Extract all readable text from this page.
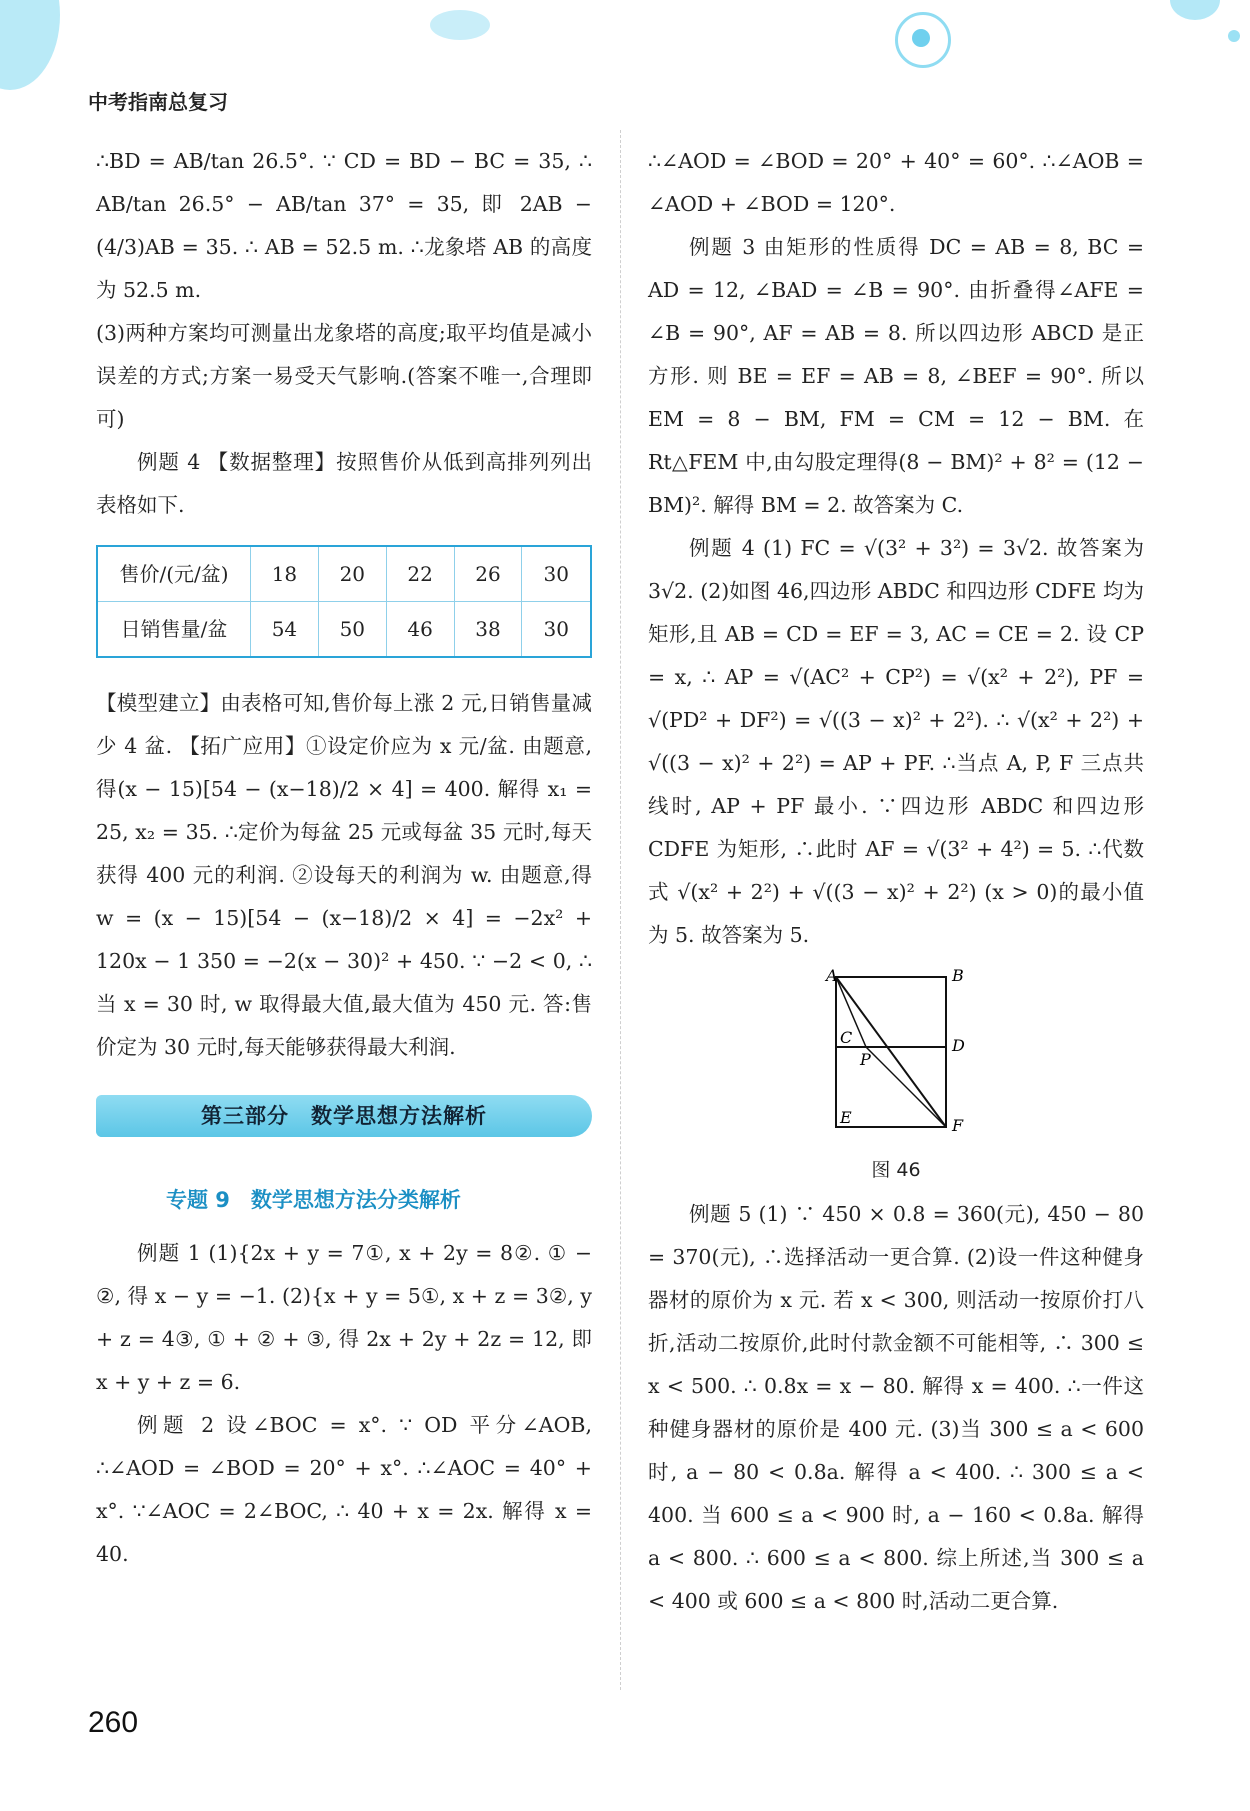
中考指南总复习

∴BD = AB/tan 26.5°. ∵ CD = BD − BC = 35, ∴ AB/tan 26.5° − AB/tan 37° = 35, 即 2AB − (4/3)AB = 35. ∴ AB = 52.5 m. ∴龙象塔 AB 的高度为 52.5 m.

(3)两种方案均可测量出龙象塔的高度;取平均值是减小误差的方式;方案一易受天气影响.(答案不唯一,合理即可)

例题 4 【数据整理】按照售价从低到高排列列出表格如下.

售价/(元/盆)	18	20	22	26	30
日销售量/盆	54	50	46	38	30

【模型建立】由表格可知,售价每上涨 2 元,日销售量减少 4 盆. 【拓广应用】①设定价应为 x 元/盆. 由题意,得(x − 15)[54 − (x−18)/2 × 4] = 400. 解得 x₁ = 25, x₂ = 35. ∴定价为每盆 25 元或每盆 35 元时,每天获得 400 元的利润. ②设每天的利润为 w. 由题意,得 w = (x − 15)[54 − (x−18)/2 × 4] = −2x² + 120x − 1 350 = −2(x − 30)² + 450. ∵ −2 < 0, ∴当 x = 30 时, w 取得最大值,最大值为 450 元. 答:售价定为 30 元时,每天能够获得最大利润.

第三部分　数学思想方法解析
专题 9　数学思想方法分类解析

例题 1 (1){2x + y = 7①, x + 2y = 8②. ① − ②, 得 x − y = −1. (2){x + y = 5①, x + z = 3②, y + z = 4③, ① + ② + ③, 得 2x + 2y + 2z = 12, 即 x + y + z = 6.

例题 2 设∠BOC = x°. ∵ OD 平分∠AOB, ∴∠AOD = ∠BOD = 20° + x°. ∴∠AOC = 40° + x°. ∵∠AOC = 2∠BOC, ∴ 40 + x = 2x. 解得 x = 40.

∴∠AOD = ∠BOD = 20° + 40° = 60°. ∴∠AOB = ∠AOD + ∠BOD = 120°.

例题 3 由矩形的性质得 DC = AB = 8, BC = AD = 12, ∠BAD = ∠B = 90°. 由折叠得∠AFE = ∠B = 90°, AF = AB = 8. 所以四边形 ABCD 是正方形. 则 BE = EF = AB = 8, ∠BEF = 90°. 所以 EM = 8 − BM, FM = CM = 12 − BM. 在 Rt△FEM 中,由勾股定理得(8 − BM)² + 8² = (12 − BM)². 解得 BM = 2. 故答案为 C.

例题 4 (1) FC = √(3² + 3²) = 3√2. 故答案为 3√2. (2)如图 46,四边形 ABDC 和四边形 CDFE 均为矩形,且 AB = CD = EF = 3, AC = CE = 2. 设 CP = x, ∴ AP = √(AC² + CP²) = √(x² + 2²), PF = √(PD² + DF²) = √((3 − x)² + 2²). ∴ √(x² + 2²) + √((3 − x)² + 2²) = AP + PF. ∴当点 A, P, F 三点共线时, AP + PF 最小. ∵四边形 ABDC 和四边形 CDFE 为矩形, ∴此时 AF = √(3² + 4²) = 5. ∴代数式 √(x² + 2²) + √((3 − x)² + 2²) (x > 0)的最小值为 5. 故答案为 5.

A	B
C	D
P
E	F
图 46

例题 5 (1) ∵ 450 × 0.8 = 360(元), 450 − 80 = 370(元), ∴选择活动一更合算. (2)设一件这种健身器材的原价为 x 元. 若 x < 300, 则活动一按原价打八折,活动二按原价,此时付款金额不可能相等, ∴ 300 ≤ x < 500. ∴ 0.8x = x − 80. 解得 x = 400. ∴一件这种健身器材的原价是 400 元. (3)当 300 ≤ a < 600 时, a − 80 < 0.8a. 解得 a < 400. ∴ 300 ≤ a < 400. 当 600 ≤ a < 900 时, a − 160 < 0.8a. 解得 a < 800. ∴ 600 ≤ a < 800. 综上所述,当 300 ≤ a < 400 或 600 ≤ a < 800 时,活动二更合算.

260
